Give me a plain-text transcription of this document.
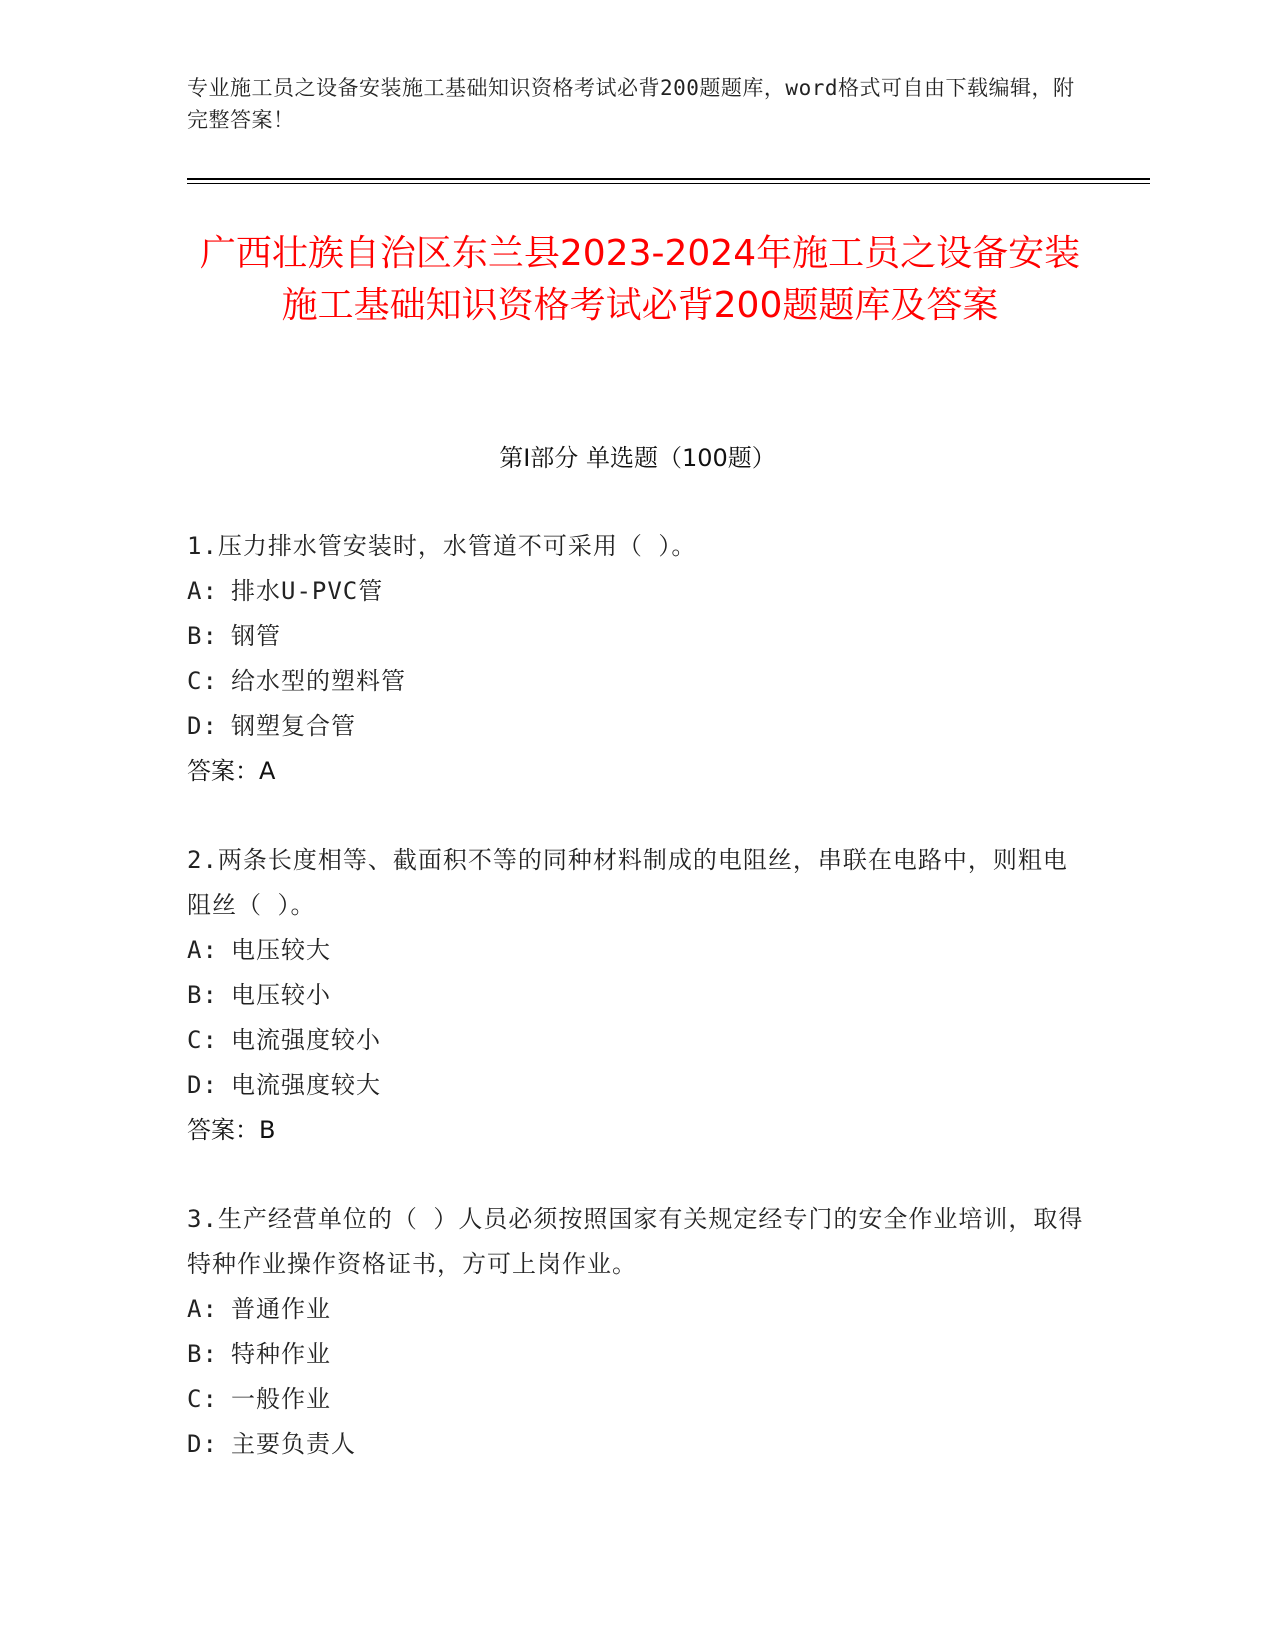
专业施工员之设备安装施工基础知识资格考试必背200题题库，word格式可自由下载编辑，附完整答案！
广西壮族自治区东兰县2023-2024年施工员之设备安装施工基础知识资格考试必背200题题库及答案
第I部分 单选题（100题）

1.压力排水管安装时，水管道不可采用（ ）。

A: 排水U-PVC管

B: 钢管

C: 给水型的塑料管

D: 钢塑复合管

答案：A

2.两条长度相等、截面积不等的同种材料制成的电阻丝，串联在电路中，则粗电阻丝（ ）。

A: 电压较大

B: 电压较小

C: 电流强度较小

D: 电流强度较大

答案：B

3.生产经营单位的（ ）人员必须按照国家有关规定经专门的安全作业培训，取得特种作业操作资格证书，方可上岗作业。

A: 普通作业

B: 特种作业

C: 一般作业

D: 主要负责人
